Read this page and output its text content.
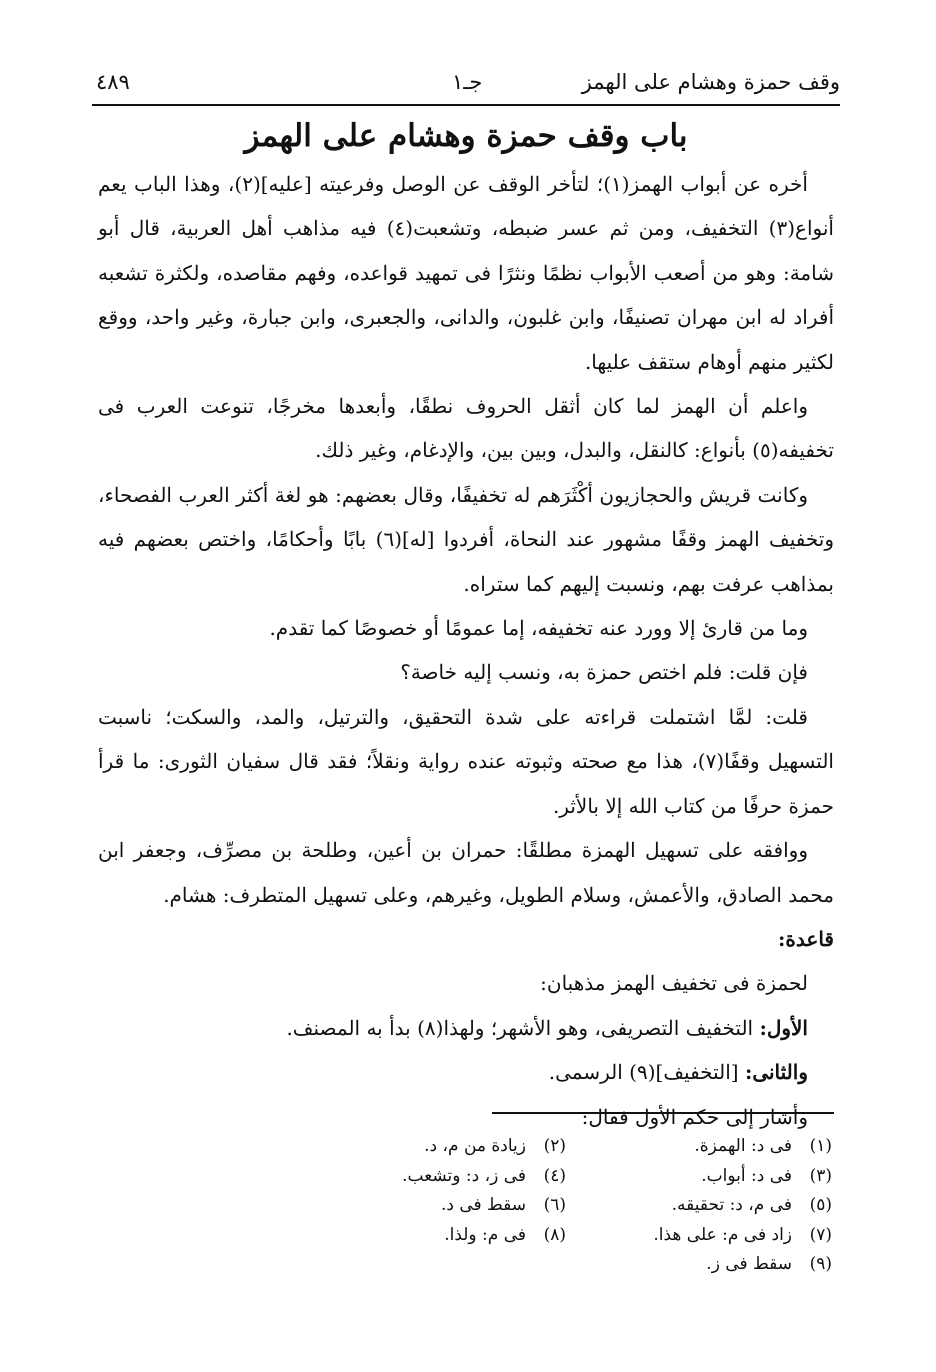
وقف حمزة وهشام على الهمز
جـ١
٤٨٩
باب وقف حمزة وهشام على الهمز

أخره عن أبواب الهمز(١)؛ لتأخر الوقف عن الوصل وفرعيته [عليه](٢)، وهذا الباب يعم أنواع(٣) التخفيف، ومن ثم عسر ضبطه، وتشعبت(٤) فيه مذاهب أهل العربية، قال أبو شامة: وهو من أصعب الأبواب نظمًا ونثرًا فى تمهيد قواعده، وفهم مقاصده، ولكثرة تشعبه أفراد له ابن مهران تصنيفًا، وابن غلبون، والدانى، والجعبرى، وابن جبارة، وغير واحد، ووقع لكثير منهم أوهام ستقف عليها.

واعلم أن الهمز لما كان أثقل الحروف نطقًا، وأبعدها مخرجًا، تنوعت العرب فى تخفيفه(٥) بأنواع: كالنقل، والبدل، وبين بين، والإدغام، وغير ذلك.

وكانت قريش والحجازيون أكْثَرَهم له تخفيفًا، وقال بعضهم: هو لغة أكثر العرب الفصحاء، وتخفيف الهمز وقفًا مشهور عند النحاة، أفردوا [له](٦) بابًا وأحكامًا، واختص بعضهم فيه بمذاهب عرفت بهم، ونسبت إليهم كما ستراه.

وما من قارئ إلا وورد عنه تخفيفه، إما عمومًا أو خصوصًا كما تقدم.

فإن قلت: فلم اختص حمزة به، ونسب إليه خاصة؟

قلت: لمَّا اشتملت قراءته على شدة التحقيق، والترتيل، والمد، والسكت؛ ناسبت التسهيل وقفًا(٧)، هذا مع صحته وثبوته عنده رواية ونقلاً؛ فقد قال سفيان الثورى: ما قرأ حمزة حرفًا من كتاب الله إلا بالأثر.

ووافقه على تسهيل الهمزة مطلقًا: حمران بن أعين، وطلحة بن مصرِّف، وجعفر ابن محمد الصادق، والأعمش، وسلام الطويل، وغيرهم، وعلى تسهيل المتطرف: هشام.

قاعدة:

لحمزة فى تخفيف الهمز مذهبان:

الأول: التخفيف التصريفى، وهو الأشهر؛ ولهذا(٨) بدأ به المصنف.

والثانى: [التخفيف](٩) الرسمى.

وأشار إلى حكم الأول فقال:

(١)فى د: الهمزة.
(٢)زيادة من م، د.
(٣)فى د: أبواب.
(٤)فى ز، د: وتشعب.
(٥)فى م، د: تحقيقه.
(٦)سقط فى د.
(٧)زاد فى م: على هذا.
(٨)فى م: ولذا.
(٩)سقط فى ز.
